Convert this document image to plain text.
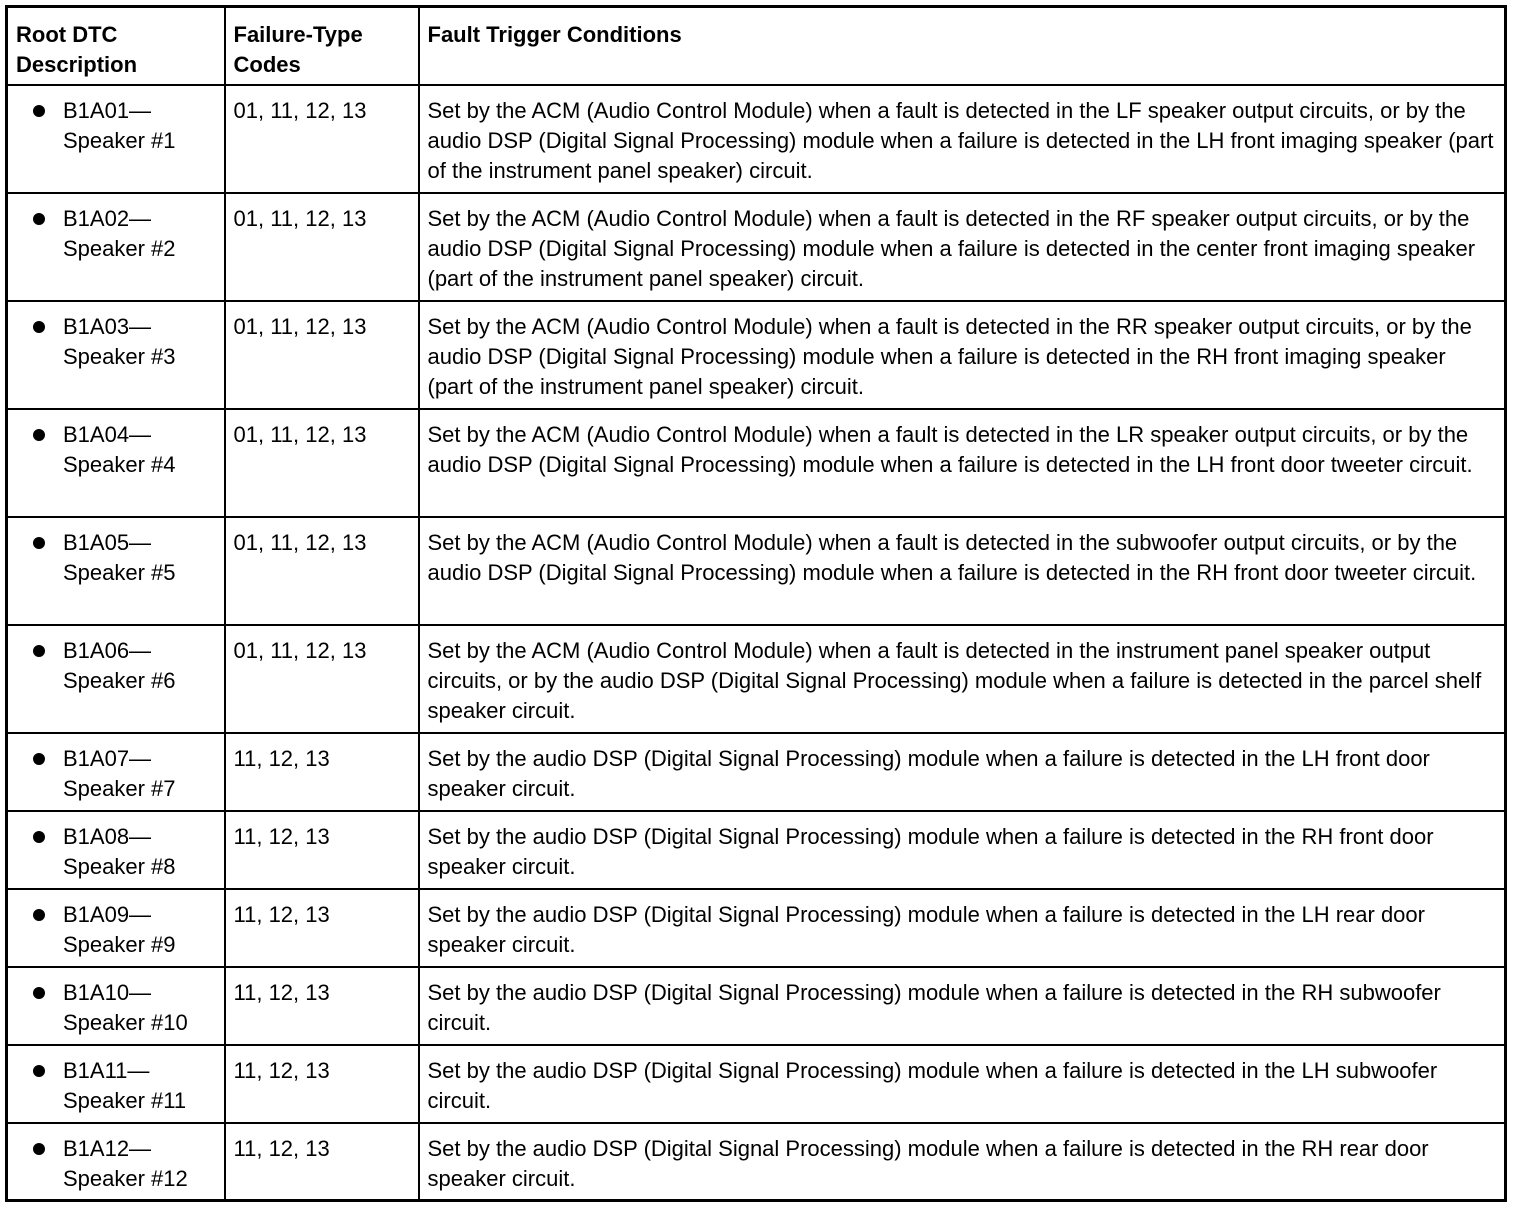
Root DTC Description	Failure-Type Codes	Fault Trigger Conditions

B1A01—
Speaker #1	01, 11, 12, 13	Set by the ACM (Audio Control Module) when a fault is detected in the LF speaker output circuits, or by the audio DSP (Digital Signal Processing) module when a failure is detected in the LH front imaging speaker (part of the instrument panel speaker) circuit.

B1A02—
Speaker #2	01, 11, 12, 13	Set by the ACM (Audio Control Module) when a fault is detected in the RF speaker output circuits, or by the audio DSP (Digital Signal Processing) module when a failure is detected in the center front imaging speaker (part of the instrument panel speaker) circuit.

B1A03—
Speaker #3	01, 11, 12, 13	Set by the ACM (Audio Control Module) when a fault is detected in the RR speaker output circuits, or by the audio DSP (Digital Signal Processing) module when a failure is detected in the RH front imaging speaker (part of the instrument panel speaker) circuit.

B1A04—
Speaker #4	01, 11, 12, 13	Set by the ACM (Audio Control Module) when a fault is detected in the LR speaker output circuits, or by the audio DSP (Digital Signal Processing) module when a failure is detected in the LH front door tweeter circuit.

B1A05—
Speaker #5	01, 11, 12, 13	Set by the ACM (Audio Control Module) when a fault is detected in the subwoofer output circuits, or by the audio DSP (Digital Signal Processing) module when a failure is detected in the RH front door tweeter circuit.

B1A06—
Speaker #6	01, 11, 12, 13	Set by the ACM (Audio Control Module) when a fault is detected in the instrument panel speaker output circuits, or by the audio DSP (Digital Signal Processing) module when a failure is detected in the parcel shelf speaker circuit.

B1A07—
Speaker #7	11, 12, 13	Set by the audio DSP (Digital Signal Processing) module when a failure is detected in the LH front door speaker circuit.

B1A08—
Speaker #8	11, 12, 13	Set by the audio DSP (Digital Signal Processing) module when a failure is detected in the RH front door speaker circuit.

B1A09—
Speaker #9	11, 12, 13	Set by the audio DSP (Digital Signal Processing) module when a failure is detected in the LH rear door speaker circuit.

B1A10—
Speaker #10	11, 12, 13	Set by the audio DSP (Digital Signal Processing) module when a failure is detected in the RH subwoofer circuit.

B1A11—
Speaker #11	11, 12, 13	Set by the audio DSP (Digital Signal Processing) module when a failure is detected in the LH subwoofer circuit.

B1A12—
Speaker #12	11, 12, 13	Set by the audio DSP (Digital Signal Processing) module when a failure is detected in the RH rear door speaker circuit.
